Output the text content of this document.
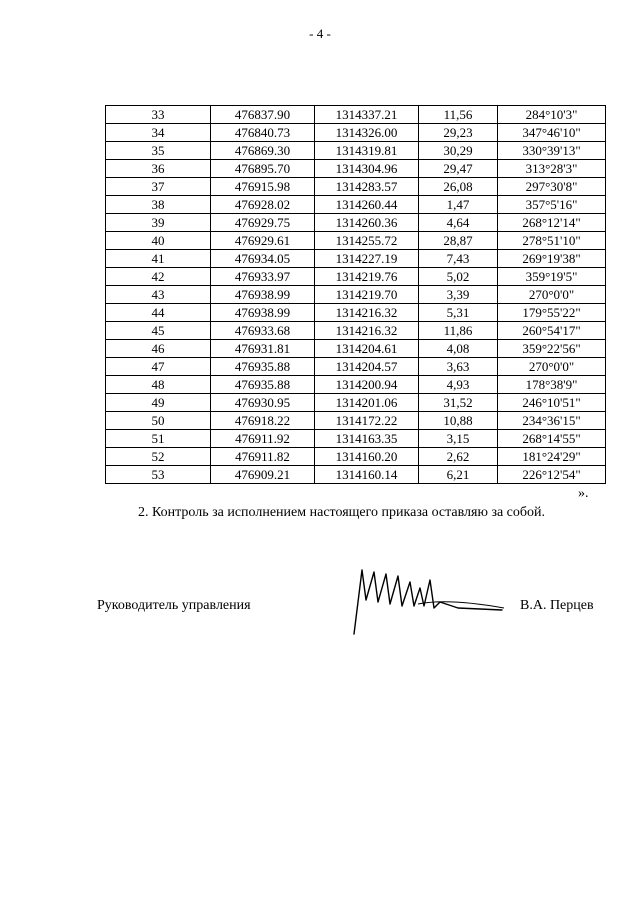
- 4 -
33	476837.90	1314337.21	11,56	284°10'3"
34	476840.73	1314326.00	29,23	347°46'10"
35	476869.30	1314319.81	30,29	330°39'13"
36	476895.70	1314304.96	29,47	313°28'3"
37	476915.98	1314283.57	26,08	297°30'8"
38	476928.02	1314260.44	1,47	357°5'16"
39	476929.75	1314260.36	4,64	268°12'14"
40	476929.61	1314255.72	28,87	278°51'10"
41	476934.05	1314227.19	7,43	269°19'38"
42	476933.97	1314219.76	5,02	359°19'5"
43	476938.99	1314219.70	3,39	270°0'0"
44	476938.99	1314216.32	5,31	179°55'22"
45	476933.68	1314216.32	11,86	260°54'17"
46	476931.81	1314204.61	4,08	359°22'56"
47	476935.88	1314204.57	3,63	270°0'0"
48	476935.88	1314200.94	4,93	178°38'9"
49	476930.95	1314201.06	31,52	246°10'51"
50	476918.22	1314172.22	10,88	234°36'15"
51	476911.92	1314163.35	3,15	268°14'55"
52	476911.82	1314160.20	2,62	181°24'29"
53	476909.21	1314160.14	6,21	226°12'54"
».
2. Контроль за исполнением настоящего приказа оставляю за собой.
Руководитель управления	В.А. Перцев
